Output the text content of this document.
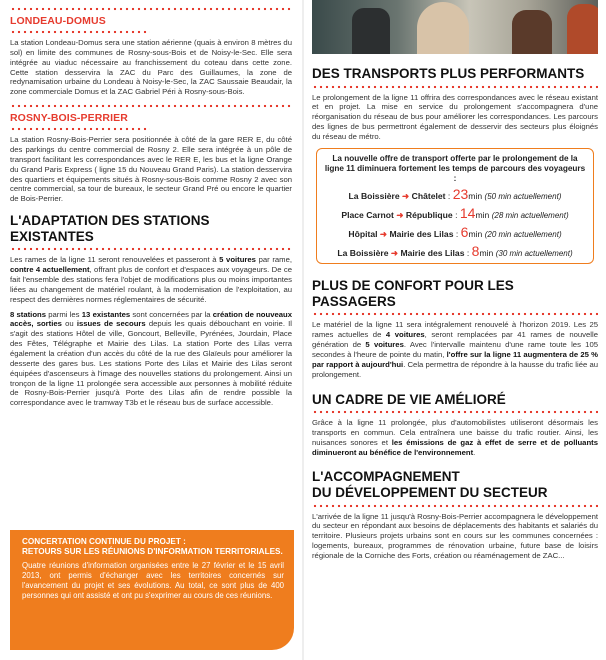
LONDEAU-DOMUS

La station Londeau-Domus sera une station aérienne (quais à environ 8 mètres du sol) en limite des communes de Rosny-sous-Bois et de Noisy-le-Sec. Elle sera intégrée au viaduc nécessaire au franchissement du coteau dans cette zone. Cette station desservira la ZAC du Parc des Guillaumes, la zone de redynamisation urbaine du Londeau à Noisy-le-Sec, la ZAC Saussaie Beaudair, la zone commerciale Domus et la ZAC Gabriel Péri à Rosny-sous-Bois.

ROSNY-BOIS-PERRIER

La station Rosny-Bois-Perrier sera positionnée à côté de la gare RER E, du côté des parkings du centre commercial de Rosny 2. Elle sera intégrée à un pôle de transport facilitant les correspondances avec le RER E, les bus et la ligne Orange du Grand Paris Express ( ligne 15 du Nouveau Grand Paris). La station desservira des quartiers et équipements situés à Rosny-sous-Bois comme Rosny 2 avec son centre commercial, sa tour de bureaux, le secteur Grand Pré ou encore le quartier de Bois-Perrier.

L'ADAPTATION DES STATIONS EXISTANTES

Les rames de la ligne 11 seront renouvelées et passeront à 5 voitures par rame, contre 4 actuellement, offrant plus de confort et d'espaces aux voyageurs. De ce fait l'ensemble des stations fera l'objet de modifications plus ou moins importantes liées au changement de matériel roulant, à la modernisation de l'exploitation, au respect des dernières normes réglementaires de sécurité.

8 stations parmi les 13 existantes sont concernées par la création de nouveaux accès, sorties ou issues de secours depuis les quais débouchant en voirie. Il s'agit des stations Hôtel de ville, Goncourt, Belleville, Pyrénées, Jourdain, Place des Fêtes, Télégraphe et Mairie des Lilas. La station Porte des Lilas verra également la création d'un accès du côté de la rue des Glaïeuls pour améliorer la desserte des gares bus. Les stations Porte des Lilas et Mairie des Lilas seront équipées d'ascenseurs à l'image des nouvelles stations du prolongement. Ainsi un tronçon de la ligne 11 prolongée sera accessible aux personnes à mobilité réduite de Rosny-Bois-Perrier jusqu'à Porte des Lilas afin de rendre possible la correspondance avec le tramway T3b et le réseau bus de surface accessible.

CONCERTATION CONTINUE DU PROJET :
RETOURS SUR LES RÉUNIONS D'INFORMATION TERRITORIALES.

Quatre réunions d'information organisées entre le 27 février et le 15 avril 2013, ont permis d'échanger avec les territoires concernés sur l'avancement du projet et ses évolutions. Au total, ce sont plus de 400 personnes qui ont assisté et ont pu s'exprimer au cours de ces réunions.

DES TRANSPORTS PLUS PERFORMANTS

Le prolongement de la ligne 11 offrira des correspondances avec le réseau existant et en projet. La mise en service du prolongement s'accompagnera d'une réorganisation du réseau de bus pour améliorer les correspondances. Les parcours des lignes de bus permettront également de desservir des secteurs plus éloignés du réseau de métro.

La nouvelle offre de transport offerte par le prolongement de la ligne 11 diminuera fortement les temps de parcours des voyageurs :
La Boissière ➜ Châtelet : 23min (50 min actuellement)
Place Carnot ➜ République : 14min (28 min actuellement)
Hôpital ➜ Mairie des Lilas : 6min (20 min actuellement)
La Boissière ➜ Mairie des Lilas : 8min (30 min actuellement)
PLUS DE CONFORT POUR LES PASSAGERS

Le matériel de la ligne 11 sera intégralement renouvelé à l'horizon 2019. Les 25 rames actuelles de 4 voitures, seront remplacées par 41 rames de nouvelle génération de 5 voitures. Avec l'intervalle maintenu d'une rame toute les 105 secondes à l'heure de pointe du matin, l'offre sur la ligne 11 augmentera de 25 % par rapport à aujourd'hui. Cela permettra de répondre à la hausse du trafic liée au prolongement.

UN CADRE DE VIE AMÉLIORÉ

Grâce à la ligne 11 prolongée, plus d'automobilistes utiliseront désormais les transports en commun. Cela entraînera une baisse du trafic routier. Ainsi, les nuisances sonores et les émissions de gaz à effet de serre et de polluants diminueront au bénéfice de l'environnement.

L'ACCOMPAGNEMENT
DU DÉVELOPPEMENT DU SECTEUR

L'arrivée de la ligne 11 jusqu'à Rosny-Bois-Perrier accompagnera le développement du secteur en répondant aux besoins de déplacements des habitants et salariés du territoire. Plusieurs projets urbains sont en cours sur les communes concernées : logements, bureaux, programmes de rénovation urbaine, future base de loisirs régionale de la Corniche des Forts, création ou réaménagement de ZAC...
